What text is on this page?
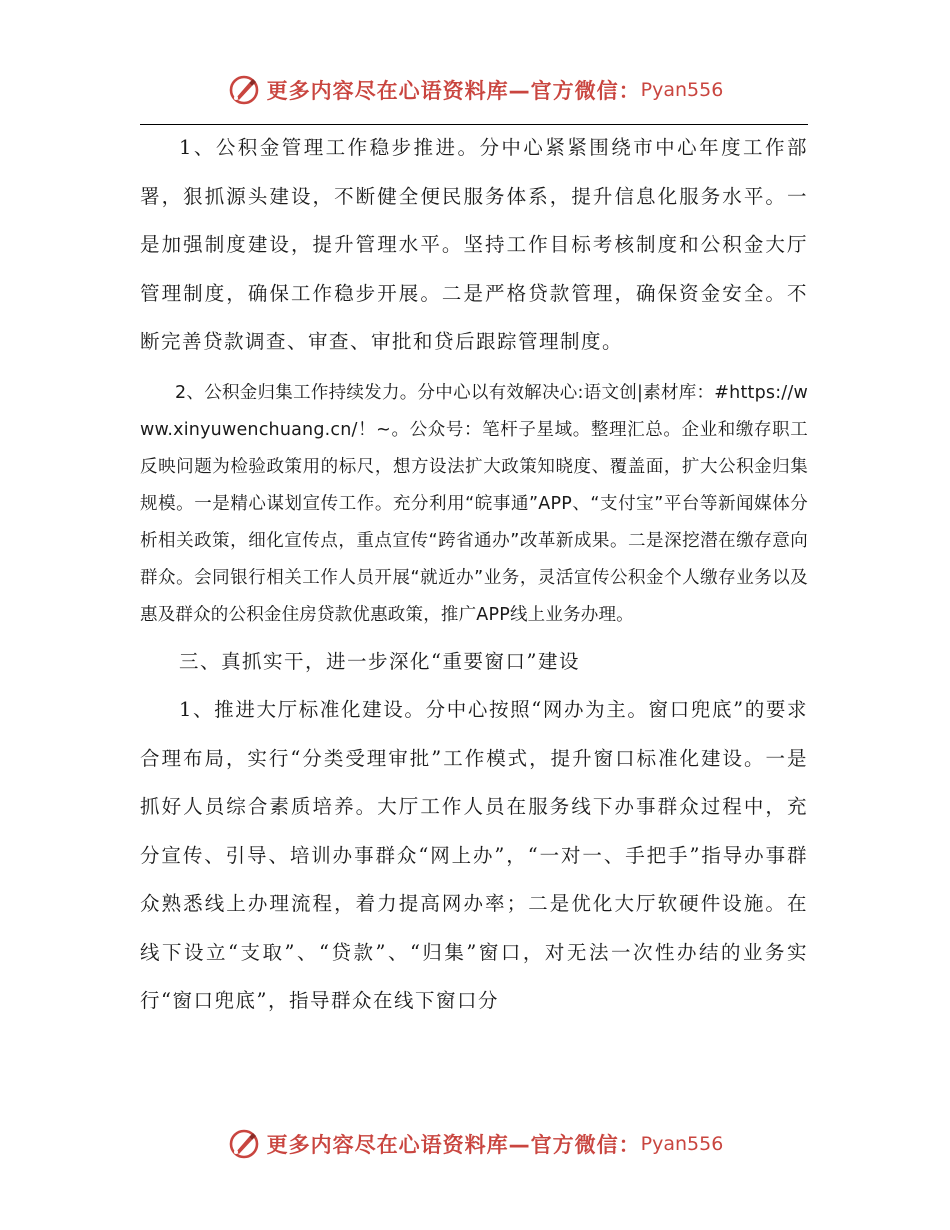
更多内容尽在心语资料库—官方微信： Pyan556

1、公积金管理工作稳步推进。分中心紧紧围绕市中心年度工作部署，狠抓源头建设，不断健全便民服务体系，提升信息化服务水平。一是加强制度建设，提升管理水平。坚持工作目标考核制度和公积金大厅管理制度，确保工作稳步开展。二是严格贷款管理，确保资金安全。不断完善贷款调查、审查、审批和贷后跟踪管理制度。

2、公积金归集工作持续发力。分中心以有效解决心:语文创|素材库：#https://www.xinyuwenchuang.cn/！~。公众号：笔杆子星域。整理汇总。企业和缴存职工反映问题为检验政策用的标尺，想方设法扩大政策知晓度、覆盖面，扩大公积金归集规模。一是精心谋划宣传工作。充分利用“皖事通”APP、“支付宝”平台等新闻媒体分析相关政策，细化宣传点，重点宣传“跨省通办”改革新成果。二是深挖潜在缴存意向群众。会同银行相关工作人员开展“就近办”业务，灵活宣传公积金个人缴存业务以及惠及群众的公积金住房贷款优惠政策，推广APP线上业务办理。

三、真抓实干，进一步深化“重要窗口”建设

1、推进大厅标准化建设。分中心按照“网办为主。窗口兜底”的要求合理布局，实行“分类受理审批”工作模式，提升窗口标准化建设。一是抓好人员综合素质培养。大厅工作人员在服务线下办事群众过程中，充分宣传、引导、培训办事群众“网上办”，“一对一、手把手”指导办事群众熟悉线上办理流程，着力提高网办率；二是优化大厅软硬件设施。在线下设立“支取”、“贷款”、“归集”窗口，对无法一次性办结的业务实行“窗口兜底”，指导群众在线下窗口分

更多内容尽在心语资料库—官方微信： Pyan556
